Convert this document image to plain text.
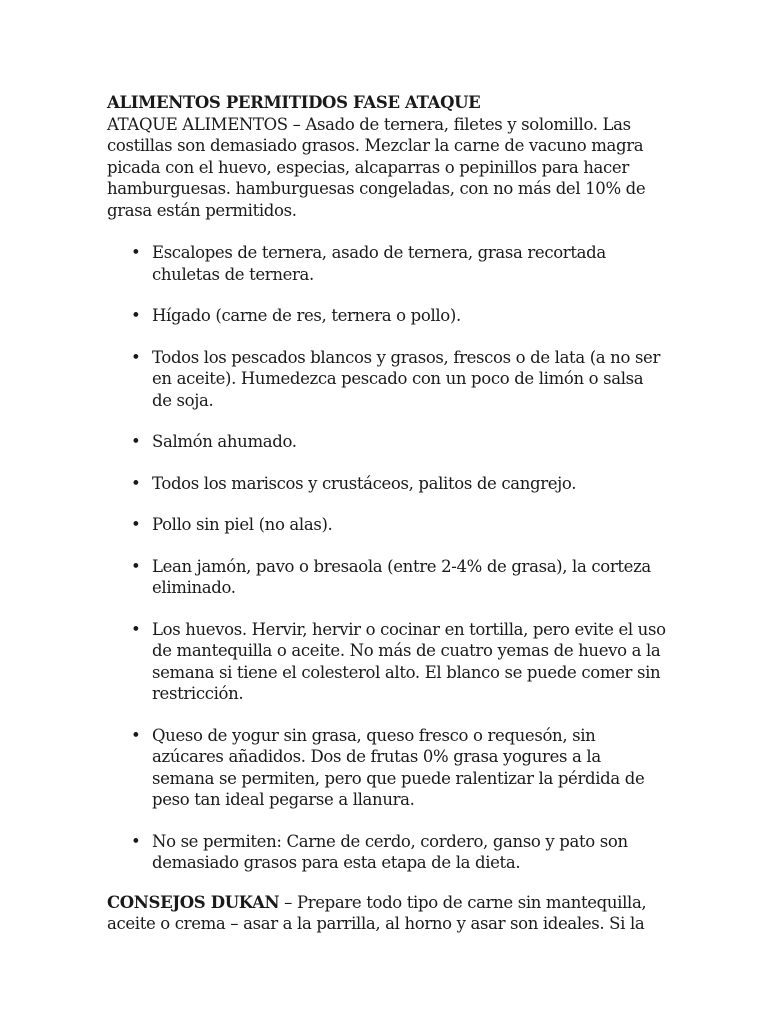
ALIMENTOS PERMITIDOS FASE ATAQUE

ATAQUE ALIMENTOS – Asado de ternera, filetes y solomillo. Las costillas son demasiado grasos. Mezclar la carne de vacuno magra picada con el huevo, especias, alcaparras o pepinillos para hacer hamburguesas. hamburguesas congeladas, con no más del 10% de grasa están permitidos.

• Escalopes de ternera, asado de ternera, grasa recortada chuletas de ternera.
• Hígado (carne de res, ternera o pollo).
• Todos los pescados blancos y grasos, frescos o de lata (a no ser en aceite). Humedezca pescado con un poco de limón o salsa de soja.
• Salmón ahumado.
• Todos los mariscos y crustáceos, palitos de cangrejo.
• Pollo sin piel (no alas).
• Lean jamón, pavo o bresaola (entre 2-4% de grasa), la corteza eliminado.
• Los huevos. Hervir, hervir o cocinar en tortilla, pero evite el uso de mantequilla o aceite. No más de cuatro yemas de huevo a la semana si tiene el colesterol alto. El blanco se puede comer sin restricción.
• Queso de yogur sin grasa, queso fresco o requesón, sin azúcares añadidos. Dos de frutas 0% grasa yogures a la semana se permiten, pero que puede ralentizar la pérdida de peso tan ideal pegarse a llanura.
• No se permiten: Carne de cerdo, cordero, ganso y pato son demasiado grasos para esta etapa de la dieta.

CONSEJOS DUKAN – Prepare todo tipo de carne sin mantequilla, aceite o crema – asar a la parrilla, al horno y asar son ideales. Si la
